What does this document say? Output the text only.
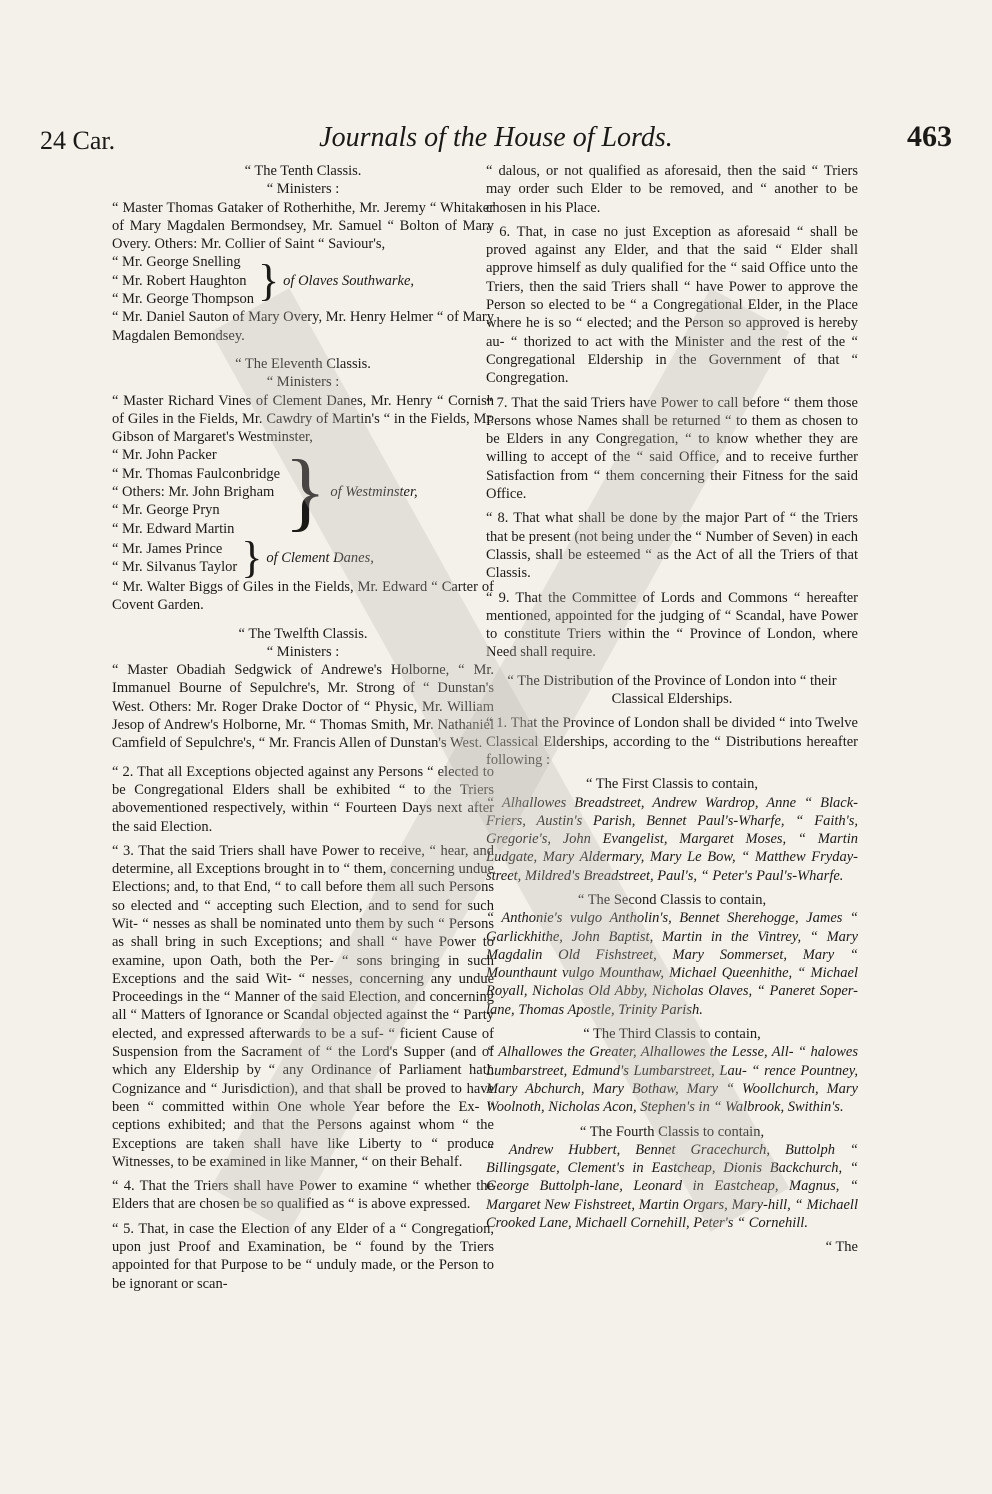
24 Car.	Journals of the House of Lords.	463

“ The Tenth Classis.

“ Ministers :

“ Master Thomas Gataker of Rotherhithe, Mr. Jeremy “ Whitaker of Mary Magdalen Bermondsey, Mr. Samuel “ Bolton of Mary Overy. Others: Mr. Collier of Saint “ Saviour's,

“ Mr. George Snelling
“ Mr. Robert Haughton
“ Mr. George Thompson } of Olaves Southwarke,

“ Mr. Daniel Sauton of Mary Overy, Mr. Henry Helmer “ of Mary Magdalen Bemondsey.

“ The Eleventh Classis.

“ Ministers :

“ Master Richard Vines of Clement Danes, Mr. Henry “ Cornish of Giles in the Fields, Mr. Cawdry of Martin's “ in the Fields, Mr. Gibson of Margaret's Westminster,

“ Mr. John Packer
“ Mr. Thomas Faulconbridge
“ Others: Mr. John Brigham
“ Mr. George Pryn
“ Mr. Edward Martin } of Westminster,
“ Mr. James Prince
“ Mr. Silvanus Taylor } of Clement Danes,

“ Mr. Walter Biggs of Giles in the Fields, Mr. Edward “ Carter of Covent Garden.

“ The Twelfth Classis.

“ Ministers :

“ Master Obadiah Sedgwick of Andrewe's Holborne, “ Mr. Immanuel Bourne of Sepulchre's, Mr. Strong of “ Dunstan's West. Others: Mr. Roger Drake Doctor of “ Physic, Mr. William Jesop of Andrew's Holborne, Mr. “ Thomas Smith, Mr. Nathaniel Camfield of Sepulchre's, “ Mr. Francis Allen of Dunstan's West.

“ 2. That all Exceptions objected against any Persons “ elected to be Congregational Elders shall be exhibited “ to the Triers abovementioned respectively, within “ Fourteen Days next after the said Election.

“ 3. That the said Triers shall have Power to receive, “ hear, and determine, all Exceptions brought in to “ them, concerning undue Elections; and, to that End, “ to call before them all such Persons so elected and “ accepting such Election, and to send for such Wit- “ nesses as shall be nominated unto them by such “ Persons as shall bring in such Exceptions; and shall “ have Power to examine, upon Oath, both the Per- “ sons bringing in such Exceptions and the said Wit- “ nesses, concerning any undue Proceedings in the “ Manner of the said Election, and concerning all “ Matters of Ignorance or Scandal objected against the “ Party elected, and expressed afterwards to be a suf- “ ficient Cause of Suspension from the Sacrament of “ the Lord's Supper (and of which any Eldership by “ any Ordinance of Parliament hath Cognizance and “ Jurisdiction), and that shall be proved to have been “ committed within One whole Year before the Ex- “ ceptions exhibited; and that the Persons against whom “ the Exceptions are taken shall have like Liberty to “ produce Witnesses, to be examined in like Manner, “ on their Behalf.

“ 4. That the Triers shall have Power to examine “ whether the Elders that are chosen be so qualified as “ is above expressed.

“ 5. That, in case the Election of any Elder of a “ Congregation, upon just Proof and Examination, be “ found by the Triers appointed for that Purpose to be “ unduly made, or the Person to be ignorant or scan-

“ dalous, or not qualified as aforesaid, then the said “ Triers may order such Elder to be removed, and “ another to be chosen in his Place.

“ 6. That, in case no just Exception as aforesaid “ shall be proved against any Elder, and that the said “ Elder shall approve himself as duly qualified for the “ said Office unto the Triers, then the said Triers shall “ have Power to approve the Person so elected to be “ a Congregational Elder, in the Place where he is so “ elected; and the Person so approved is hereby au- “ thorized to act with the Minister and the rest of the “ Congregational Eldership in the Government of that “ Congregation.

“ 7. That the said Triers have Power to call before “ them those Persons whose Names shall be returned “ to them as chosen to be Elders in any Congregation, “ to know whether they are willing to accept of the “ said Office, and to receive further Satisfaction from “ them concerning their Fitness for the said Office.

“ 8. That what shall be done by the major Part of “ the Triers that be present (not being under the “ Number of Seven) in each Classis, shall be esteemed “ as the Act of all the Triers of that Classis.

“ 9. That the Committee of Lords and Commons “ hereafter mentioned, appointed for the judging of “ Scandal, have Power to constitute Triers within the “ Province of London, where Need shall require.

“ The Distribution of the Province of London into “ their Classical Elderships.

“ 1. That the Province of London shall be divided “ into Twelve Classical Elderships, according to the “ Distributions hereafter following :

“ The First Classis to contain,

“ Alhallowes Breadstreet, Andrew Wardrop, Anne “ Black-Friers, Austin's Parish, Bennet Paul's-Wharfe, “ Faith's, Gregorie's, John Evangelist, Margaret Moses, “ Martin Ludgate, Mary Aldermary, Mary Le Bow, “ Matthew Fryday-street, Mildred's Breadstreet, Paul's, “ Peter's Paul's-Wharfe.

“ The Second Classis to contain,

“ Anthonie's vulgo Antholin's, Bennet Sherehogge, James “ Garlickhithe, John Baptist, Martin in the Vintrey, “ Mary Magdalin Old Fishstreet, Mary Sommerset, Mary “ Mounthaunt vulgo Mounthaw, Michael Queenhithe, “ Michael Royall, Nicholas Old Abby, Nicholas Olaves, “ Paneret Soper-lane, Thomas Apostle, Trinity Parish.

“ The Third Classis to contain,

“ Alhallowes the Greater, Alhallowes the Lesse, All- “ halowes Lumbarstreet, Edmund's Lumbarstreet, Lau- “ rence Pountney, Mary Abchurch, Mary Bothaw, Mary “ Woollchurch, Mary Woolnoth, Nicholas Acon, Stephen's in “ Walbrook, Swithin's.

“ The Fourth Classis to contain,

“ Andrew Hubbert, Bennet Gracechurch, Buttolph “ Billingsgate, Clement's in Eastcheap, Dionis Backchurch, “ George Buttolph-lane, Leonard in Eastcheap, Magnus, “ Margaret New Fishstreet, Martin Orgars, Mary-hill, “ Michaell Crooked Lane, Michaell Cornehill, Peter's “ Cornehill.

“ The
